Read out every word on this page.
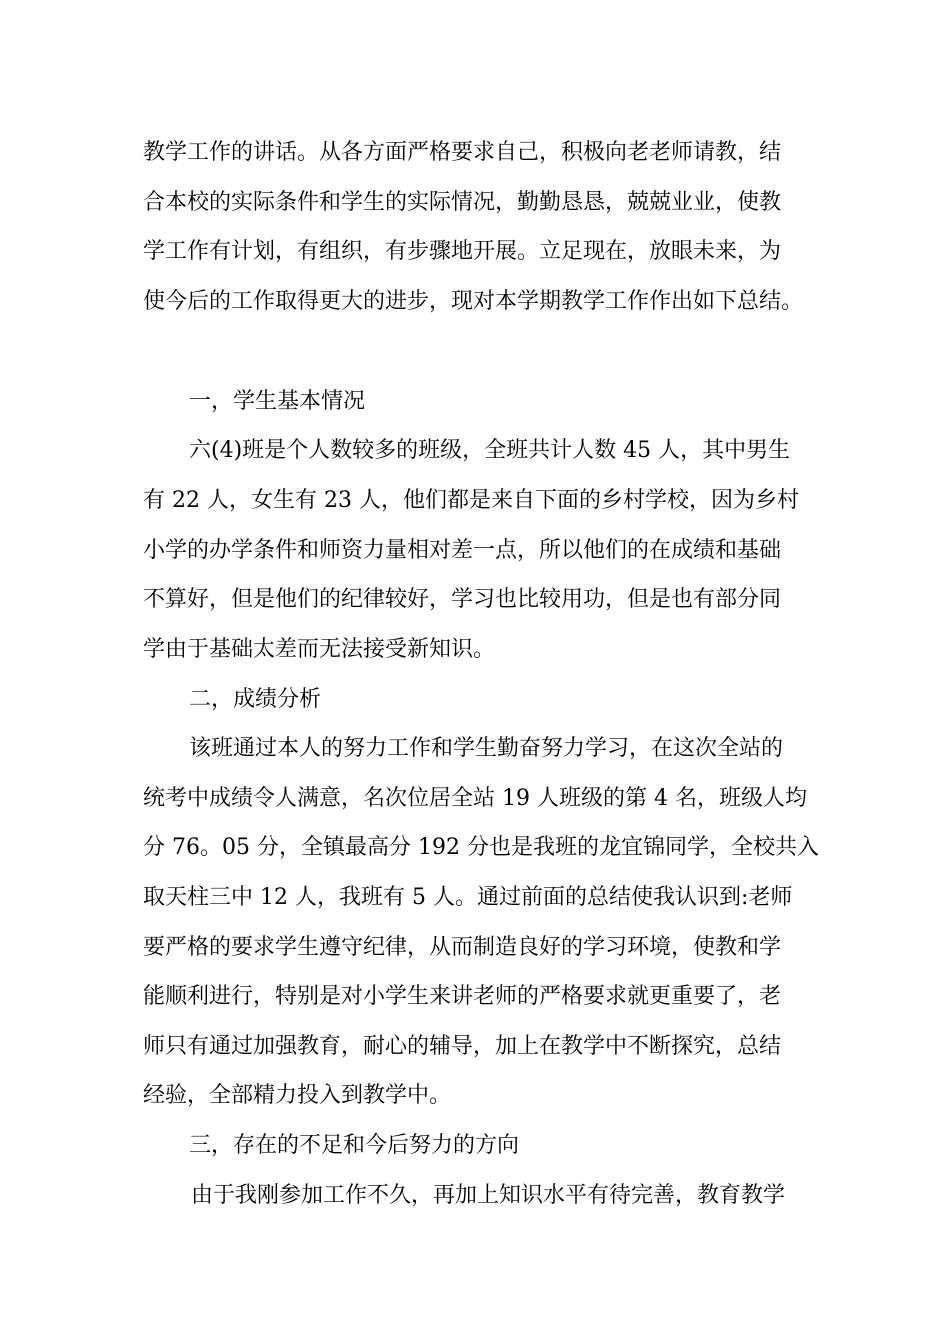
教学工作的讲话。从各方面严格要求自己，积极向老老师请教，结
合本校的实际条件和学生的实际情况，勤勤恳恳，兢兢业业，使教
学工作有计划，有组织，有步骤地开展。立足现在，放眼未来，为
使今后的工作取得更大的进步，现对本学期教学工作作出如下总结。
一，学生基本情况
六(4)班是个人数较多的班级，全班共计人数 45 人，其中男生
有 22 人，女生有 23 人，他们都是来自下面的乡村学校，因为乡村
小学的办学条件和师资力量相对差一点，所以他们的在成绩和基础
不算好，但是他们的纪律较好，学习也比较用功，但是也有部分同
学由于基础太差而无法接受新知识。
二，成绩分析
该班通过本人的努力工作和学生勤奋努力学习，在这次全站的
统考中成绩令人满意，名次位居全站 19 人班级的第 4 名，班级人均
分 76。05 分，全镇最高分 192 分也是我班的龙宜锦同学，全校共入
取天柱三中 12 人，我班有 5 人。通过前面的总结使我认识到:老师
要严格的要求学生遵守纪律，从而制造良好的学习环境，使教和学
能顺利进行，特别是对小学生来讲老师的严格要求就更重要了，老
师只有通过加强教育，耐心的辅导，加上在教学中不断探究，总结
经验，全部精力投入到教学中。
三，存在的不足和今后努力的方向
由于我刚参加工作不久，再加上知识水平有待完善，教育教学
